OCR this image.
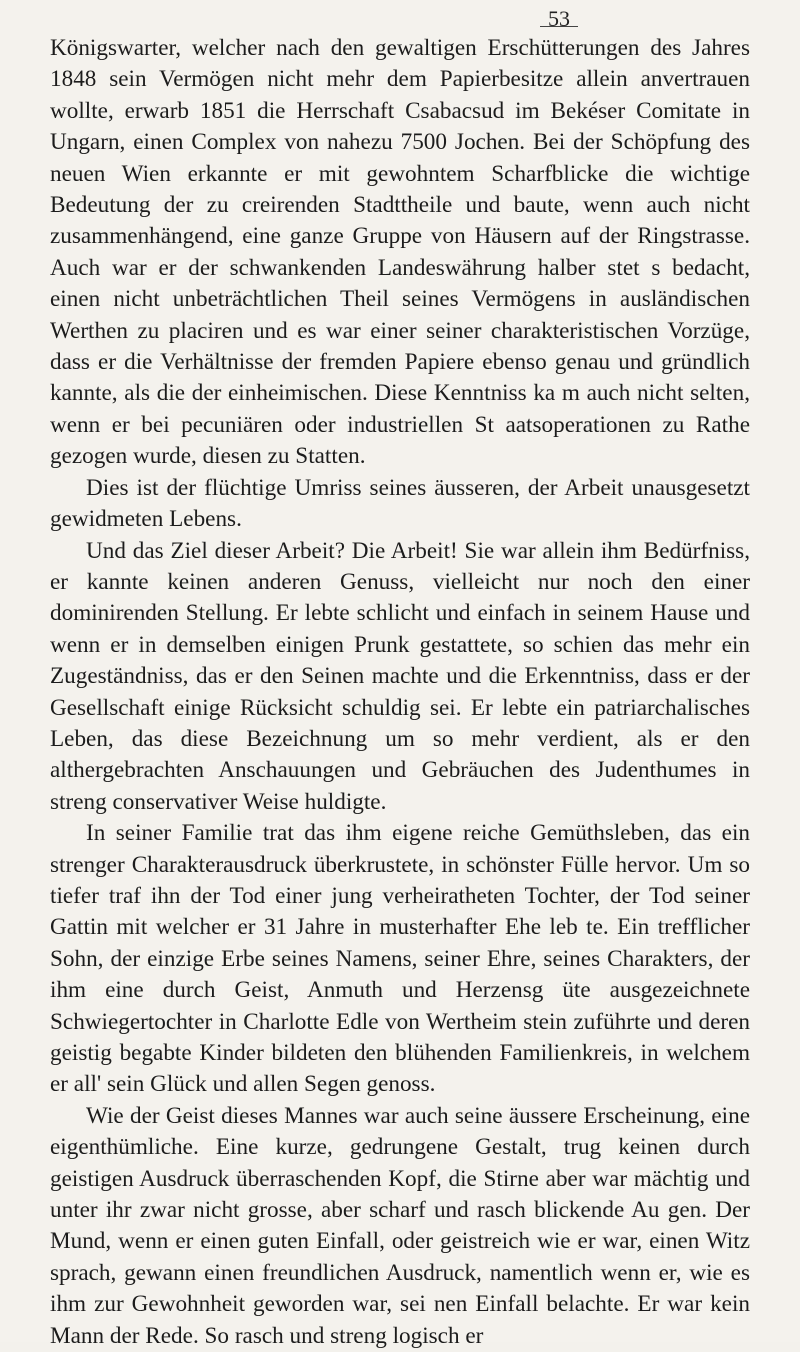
53

Königswarter, welcher nach den gewaltigen Erschütterungen des Jahres 1848 sein Vermögen nicht mehr dem Papierbesitze allein anvertrauen wollte, erwarb 1851 die Herrschaft Csabacsud im Bekéser Comitate in Ungarn, einen Complex von nahezu 7500 Jochen. Bei der Schöpfung des neuen Wien erkannte er mit gewohntem Scharfblicke die wichtige Bedeutung der zu creirenden Stadttheile und baute, wenn auch nicht zusammenhängend, eine ganze Gruppe von Häusern auf der Ringstrasse. Auch war er der schwankenden Landeswährung halber stet s bedacht, einen nicht unbeträchtlichen Theil seines Vermögens in ausländischen Werthen zu placiren und es war einer seiner charakteristischen Vorzüge, dass er die Verhältnisse der fremden Papiere ebenso genau und gründlich kannte, als die der einheimischen. Diese Kenntniss ka m auch nicht selten, wenn er bei pecuniären oder industriellen St aatsoperationen zu Rathe gezogen wurde, diesen zu Statten.

Dies ist der flüchtige Umriss seines äusseren, der Arbeit unausgesetzt gewidmeten Lebens.

Und das Ziel dieser Arbeit? Die Arbeit! Sie war allein ihm Bedürfniss, er kannte keinen anderen Genuss, vielleicht nur noch den einer dominirenden Stellung. Er lebte schlicht und einfach in seinem Hause und wenn er in demselben einigen Prunk gestattete, so schien das mehr ein Zugeständniss, das er den Seinen machte und die Erkenntniss, dass er der Gesellschaft einige Rücksicht schuldig sei. Er lebte ein patriarchalisches Leben, das diese Bezeichnung um so mehr verdient, als er den althergebrachten Anschauungen und Gebräuchen des Judenthumes in streng conservativer Weise huldigte.

In seiner Familie trat das ihm eigene reiche Gemüthsleben, das ein strenger Charakterausdruck überkrustete, in schönster Fülle hervor. Um so tiefer traf ihn der Tod einer jung verheiratheten Tochter, der Tod seiner Gattin mit welcher er 31 Jahre in musterhafter Ehe leb te. Ein trefflicher Sohn, der einzige Erbe seines Namens, seiner Ehre, seines Charakters, der ihm eine durch Geist, Anmuth und Herzensg üte ausgezeichnete Schwiegertochter in Charlotte Edle von Wertheim stein zuführte und deren geistig begabte Kinder bildeten den blühenden Familienkreis, in welchem er all' sein Glück und allen Segen genoss.

Wie der Geist dieses Mannes war auch seine äussere Erscheinung, eine eigenthümliche. Eine kurze, gedrungene Gestalt, trug keinen durch geistigen Ausdruck überraschenden Kopf, die Stirne aber war mächtig und unter ihr zwar nicht grosse, aber scharf und rasch blickende Au gen. Der Mund, wenn er einen guten Einfall, oder geistreich wie er war, einen Witz sprach, gewann einen freundlichen Ausdruck, namentlich wenn er, wie es ihm zur Gewohnheit geworden war, sei nen Einfall belachte. Er war kein Mann der Rede. So rasch und streng logisch er
